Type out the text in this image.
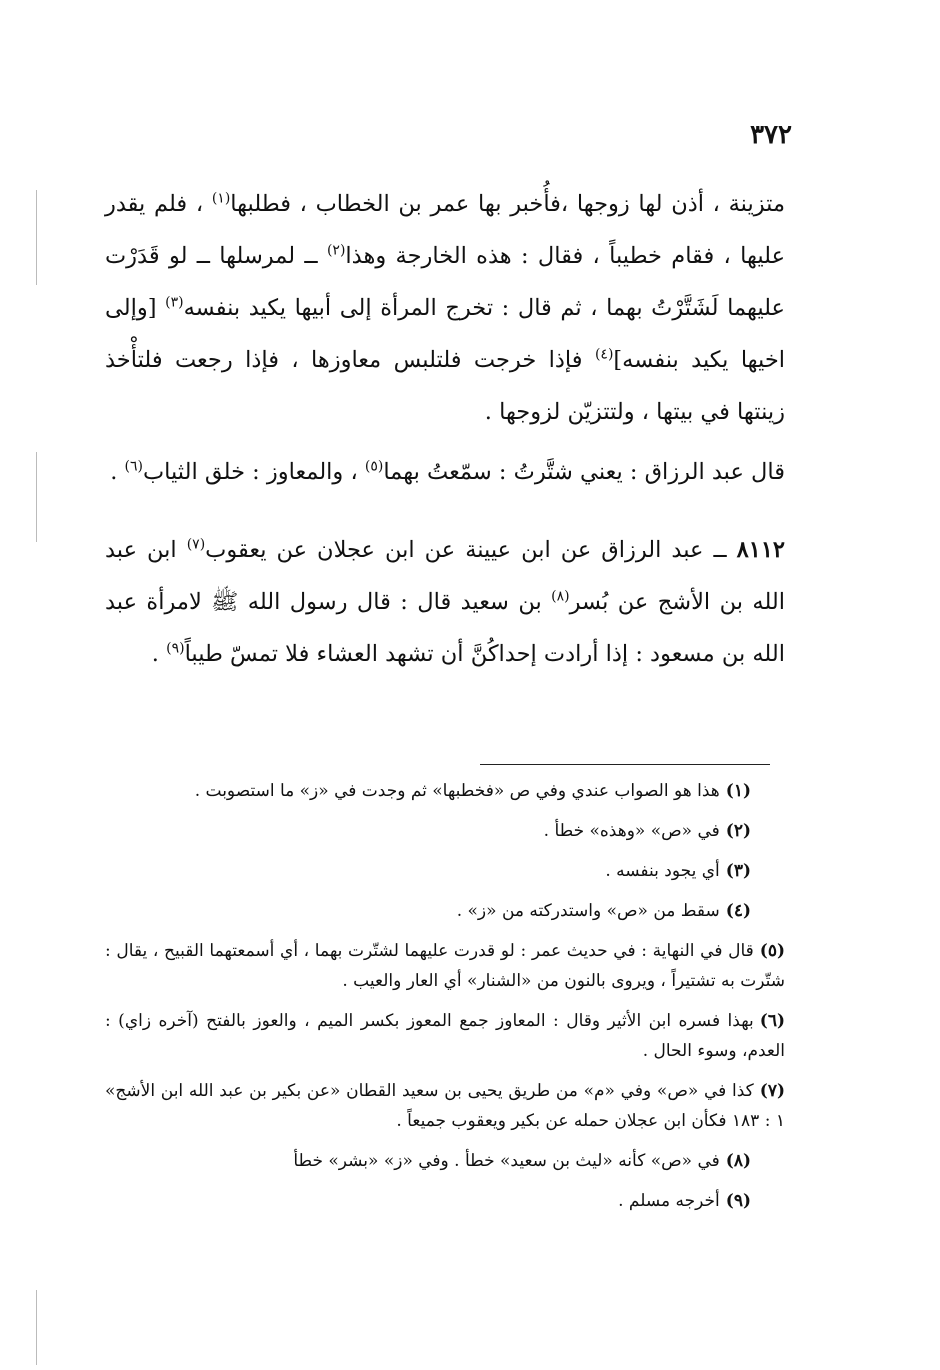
٣٧٢

متزينة ، أذن لها زوجها ،فأُخبر بها عمر بن الخطاب ، فطلبها$^{(١)}$ ، فلم يقدر عليها ، فقام خطيباً ، فقال : هذه الخارجة وهذا$^{(٢)}$ ــ لمرسلها ــ لو قَدَرْت عليهما لَشَتَّرْتُ بهما ، ثم قال : تخرج المرأة إلى أبيها يكيد بنفسه$^{(٣)}$ [وإلى اخيها يكيد بنفسه]$^{(٤)}$ فإذا خرجت فلتلبس معاوزها ، فإذا رجعت فلتأْخذ زينتها في بيتها ، ولتتزيّن لزوجها .

قال عبد الرزاق : يعني شتَّرتُ : سمّعتُ بهما$^{(٥)}$ ، والمعاوز : خلق الثياب$^{(٦)}$ .

٨١١٢ ــ عبد الرزاق عن ابن عيينة عن ابن عجلان عن يعقوب$^{(٧)}$ ابن عبد الله بن الأشج عن بُسر$^{(٨)}$ بن سعيد قال : قال رسول الله ﷺ لامرأة عبد الله بن مسعود : إذا أرادت إحداكُنَّ أن تشهد العشاء فلا تمسّ طيباً$^{(٩)}$ .

(١)هذا هو الصواب عندي وفي ص «فخطبها» ثم وجدت في «ز» ما استصوبت .

(٢)في «ص» «وهذه» خطأ .

(٣)أي يجود بنفسه .

(٤)سقط من «ص» واستدركته من «ز» .

(٥)قال في النهاية : في حديث عمر : لو قدرت عليهما لشتّرت بهما ، أي أسمعتهما القبيح ، يقال : شتّرت به تشتيراً ، ويروى بالنون من «الشنار» أي العار والعيب .

(٦)بهذا فسره ابن الأثير وقال : المعاوز جمع المعوز بكسر الميم ، والعوز بالفتح (آخره زاي) : العدم، وسوء الحال .

(٧)كذا في «ص» وفي «م» من طريق يحيى بن سعيد القطان «عن بكير بن عبد الله ابن الأشج» ١ : ١٨٣ فكأن ابن عجلان حمله عن بكير ويعقوب جميعاً .

(٨)في «ص» كأنه «ليث بن سعيد» خطأ . وفي «ز» «بشر» خطأ

(٩)أخرجه مسلم .
